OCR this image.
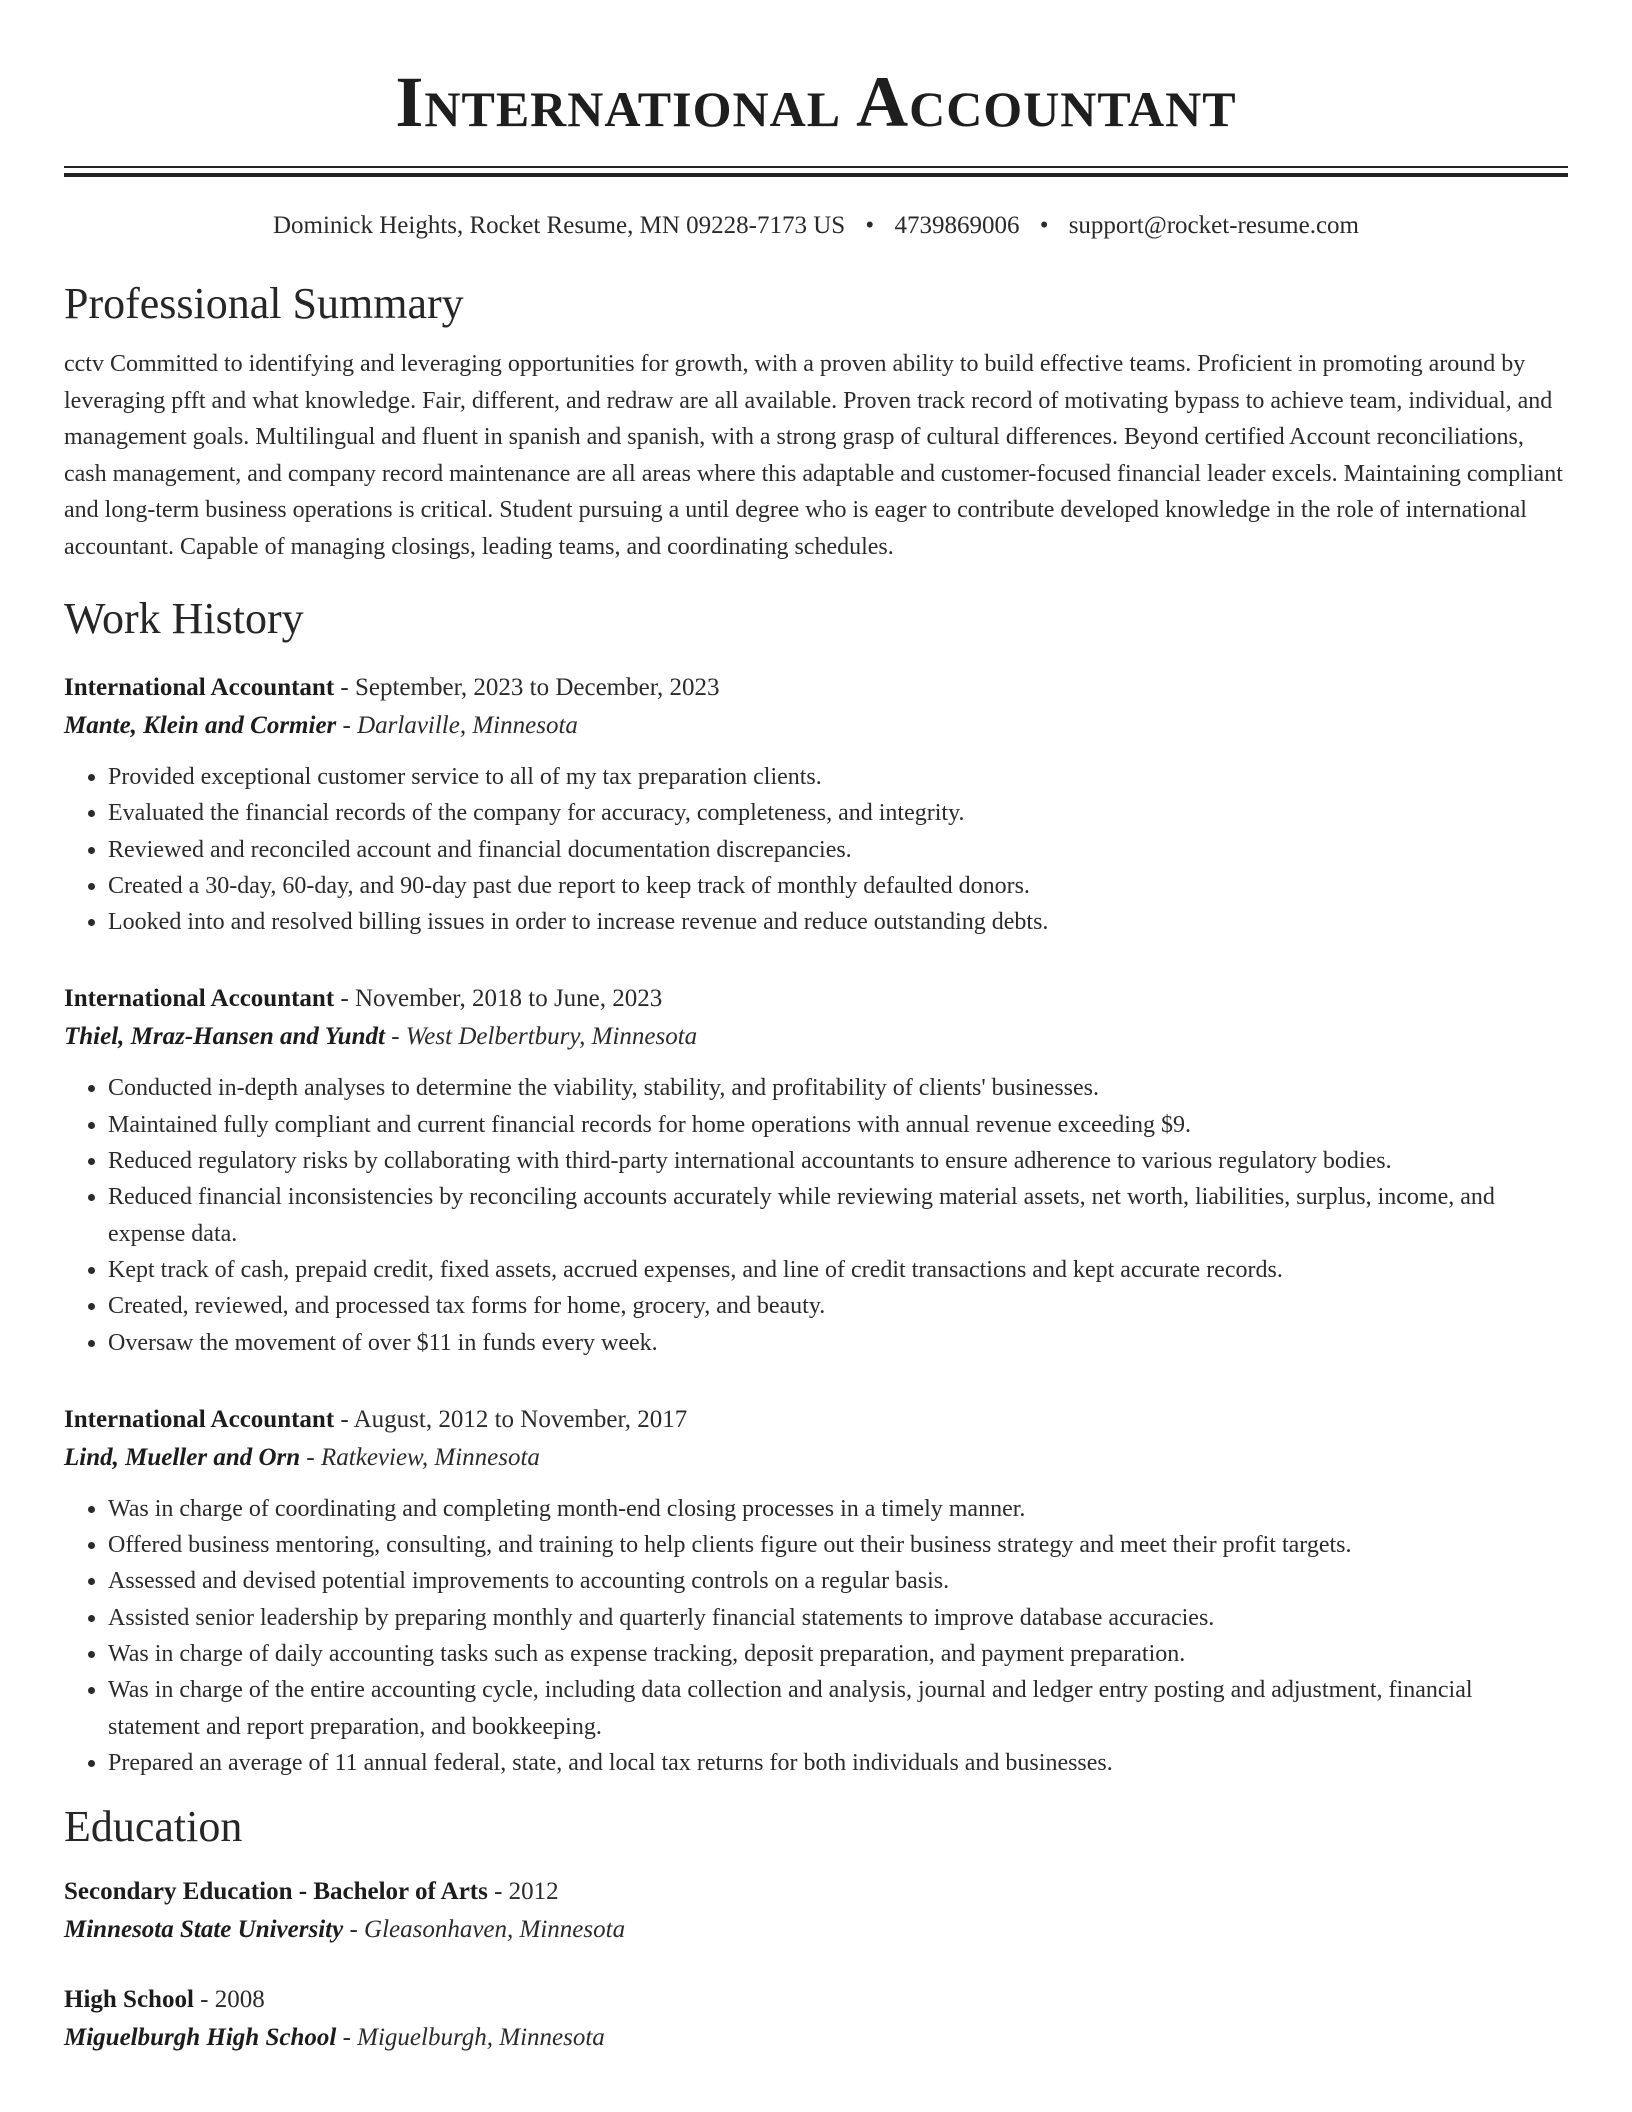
International Accountant
Dominick Heights, Rocket Resume, MN 09228-7173 US • 4739869006 • support@rocket-resume.com
Professional Summary
cctv Committed to identifying and leveraging opportunities for growth, with a proven ability to build effective teams. Proficient in promoting around by leveraging pfft and what knowledge. Fair, different, and redraw are all available. Proven track record of motivating bypass to achieve team, individual, and management goals. Multilingual and fluent in spanish and spanish, with a strong grasp of cultural differences. Beyond certified Account reconciliations, cash management, and company record maintenance are all areas where this adaptable and customer-focused financial leader excels. Maintaining compliant and long-term business operations is critical. Student pursuing a until degree who is eager to contribute developed knowledge in the role of international accountant. Capable of managing closings, leading teams, and coordinating schedules.
Work History
International Accountant - September, 2023 to December, 2023
Mante, Klein and Cormier - Darlaville, Minnesota
• Provided exceptional customer service to all of my tax preparation clients.
• Evaluated the financial records of the company for accuracy, completeness, and integrity.
• Reviewed and reconciled account and financial documentation discrepancies.
• Created a 30-day, 60-day, and 90-day past due report to keep track of monthly defaulted donors.
• Looked into and resolved billing issues in order to increase revenue and reduce outstanding debts.
International Accountant - November, 2018 to June, 2023
Thiel, Mraz-Hansen and Yundt - West Delbertbury, Minnesota
• Conducted in-depth analyses to determine the viability, stability, and profitability of clients' businesses.
• Maintained fully compliant and current financial records for home operations with annual revenue exceeding $9.
• Reduced regulatory risks by collaborating with third-party international accountants to ensure adherence to various regulatory bodies.
• Reduced financial inconsistencies by reconciling accounts accurately while reviewing material assets, net worth, liabilities, surplus, income, and expense data.
• Kept track of cash, prepaid credit, fixed assets, accrued expenses, and line of credit transactions and kept accurate records.
• Created, reviewed, and processed tax forms for home, grocery, and beauty.
• Oversaw the movement of over $11 in funds every week.
International Accountant - August, 2012 to November, 2017
Lind, Mueller and Orn - Ratkeview, Minnesota
• Was in charge of coordinating and completing month-end closing processes in a timely manner.
• Offered business mentoring, consulting, and training to help clients figure out their business strategy and meet their profit targets.
• Assessed and devised potential improvements to accounting controls on a regular basis.
• Assisted senior leadership by preparing monthly and quarterly financial statements to improve database accuracies.
• Was in charge of daily accounting tasks such as expense tracking, deposit preparation, and payment preparation.
• Was in charge of the entire accounting cycle, including data collection and analysis, journal and ledger entry posting and adjustment, financial statement and report preparation, and bookkeeping.
• Prepared an average of 11 annual federal, state, and local tax returns for both individuals and businesses.
Education
Secondary Education - Bachelor of Arts - 2012
Minnesota State University - Gleasonhaven, Minnesota
High School - 2008
Miguelburgh High School - Miguelburgh, Minnesota
